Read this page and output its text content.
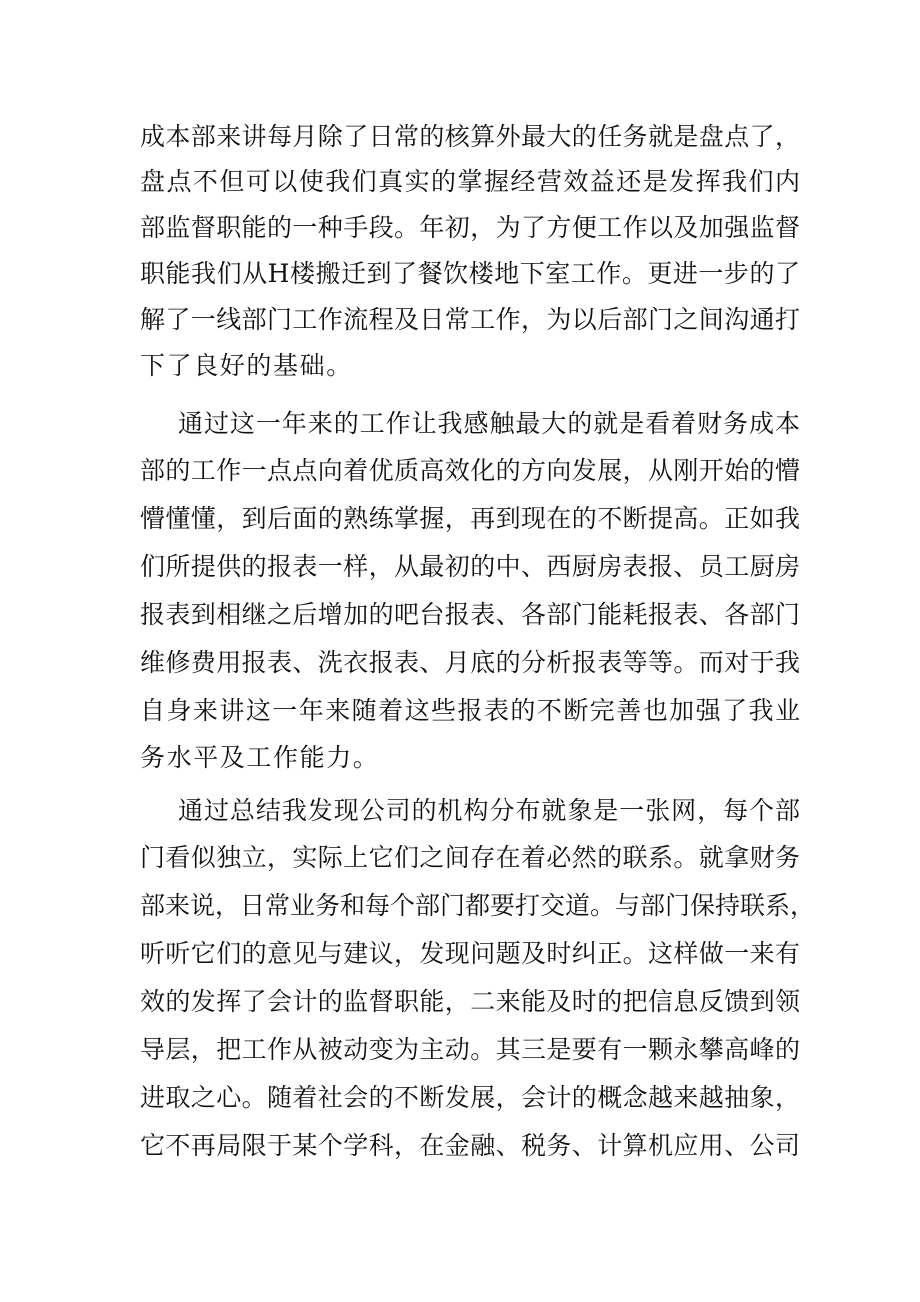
成本部来讲每月除了日常的核算外最大的任务就是盘点了，
盘点不但可以使我们真实的掌握经营效益还是发挥我们内
部监督职能的一种手段。年初，为了方便工作以及加强监督
职能我们从H楼搬迁到了餐饮楼地下室工作。更进一步的了
解了一线部门工作流程及日常工作，为以后部门之间沟通打
下了良好的基础。
通过这一年来的工作让我感触最大的就是看着财务成本
部的工作一点点向着优质高效化的方向发展，从刚开始的懵
懵懂懂，到后面的熟练掌握，再到现在的不断提高。正如我
们所提供的报表一样，从最初的中、西厨房表报、员工厨房
报表到相继之后增加的吧台报表、各部门能耗报表、各部门
维修费用报表、洗衣报表、月底的分析报表等等。而对于我
自身来讲这一年来随着这些报表的不断完善也加强了我业
务水平及工作能力。
通过总结我发现公司的机构分布就象是一张网，每个部
门看似独立，实际上它们之间存在着必然的联系。就拿财务
部来说，日常业务和每个部门都要打交道。与部门保持联系，
听听它们的意见与建议，发现问题及时纠正。这样做一来有
效的发挥了会计的监督职能，二来能及时的把信息反馈到领
导层，把工作从被动变为主动。其三是要有一颗永攀高峰的
进取之心。随着社会的不断发展，会计的概念越来越抽象，
它不再局限于某个学科，在金融、税务、计算机应用、公司
